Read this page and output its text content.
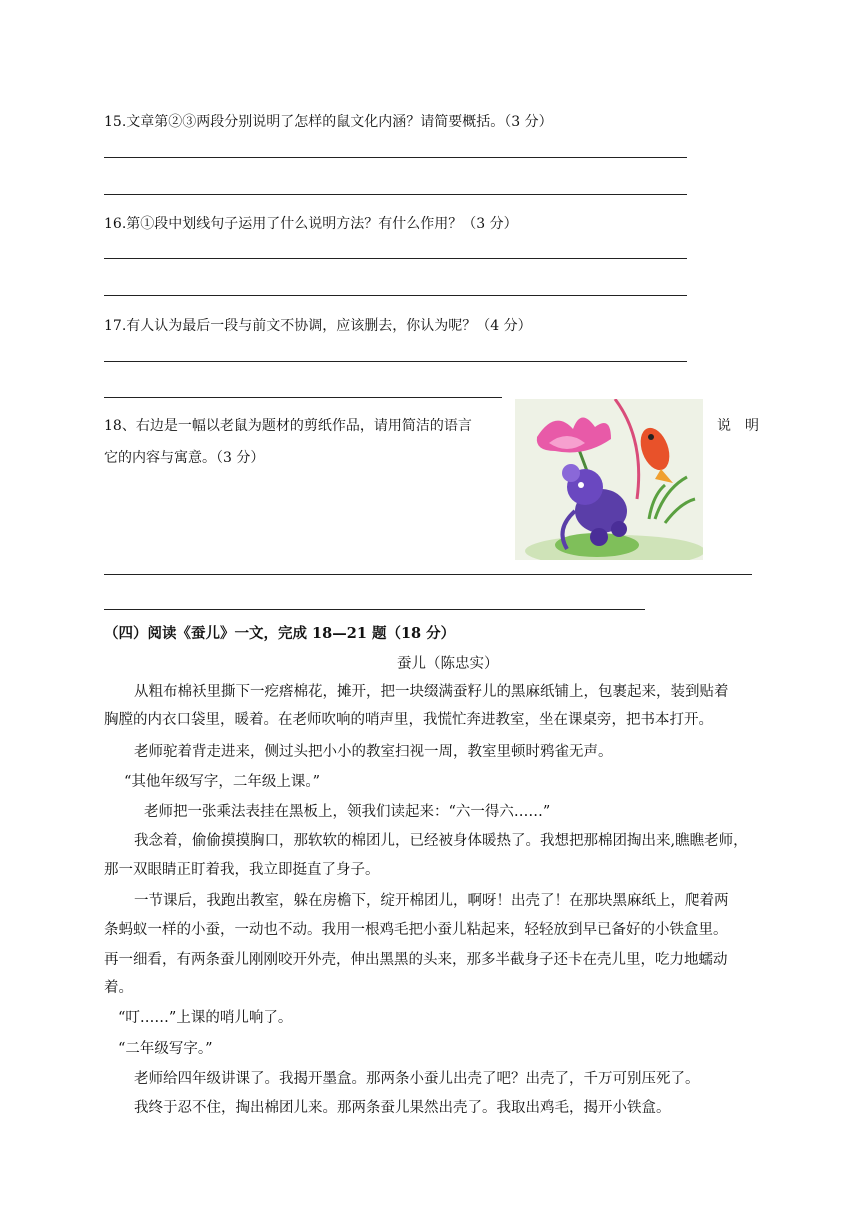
15.文章第②③两段分别说明了怎样的鼠文化内涵？请简要概括。（3 分）
16.第①段中划线句子运用了什么说明方法？有什么作用？（3 分）
17.有人认为最后一段与前文不协调，应该删去，你认为呢？（4 分）
18、右边是一幅以老鼠为题材的剪纸作品，请用简洁的语言	说　明
它的内容与寓意。（3 分）
（四）阅读《蚕儿》一文，完成 18—21 题（18 分）
蚕儿（陈忠实）
从粗布棉袄里撕下一疙瘩棉花，摊开，把一块缀满蚕籽儿的黑麻纸铺上，包裹起来，装到贴着
胸膛的内衣口袋里，暖着。在老师吹响的哨声里，我慌忙奔进教室，坐在课桌旁，把书本打开。
老师驼着背走进来，侧过头把小小的教室扫视一周，教室里顿时鸦雀无声。
“其他年级写字，二年级上课。”
老师把一张乘法表挂在黑板上，领我们读起来：“六一得六……”
我念着，偷偷摸摸胸口，那软软的棉团儿，已经被身体暖热了。我想把那棉团掏出来,瞧瞧老师，
那一双眼睛正盯着我，我立即挺直了身子。
一节课后，我跑出教室，躲在房檐下，绽开棉团儿，啊呀！出壳了！在那块黑麻纸上，爬着两
条蚂蚁一样的小蚕，一动也不动。我用一根鸡毛把小蚕儿粘起来，轻轻放到早已备好的小铁盒里。
再一细看，有两条蚕儿刚刚咬开外壳，伸出黑黑的头来，那多半截身子还卡在壳儿里，吃力地蠕动
着。
“叮……”上课的哨儿响了。
“二年级写字。”
老师给四年级讲课了。我揭开墨盒。那两条小蚕儿出壳了吧？出壳了，千万可别压死了。
我终于忍不住，掏出棉团儿来。那两条蚕儿果然出壳了。我取出鸡毛，揭开小铁盒。
